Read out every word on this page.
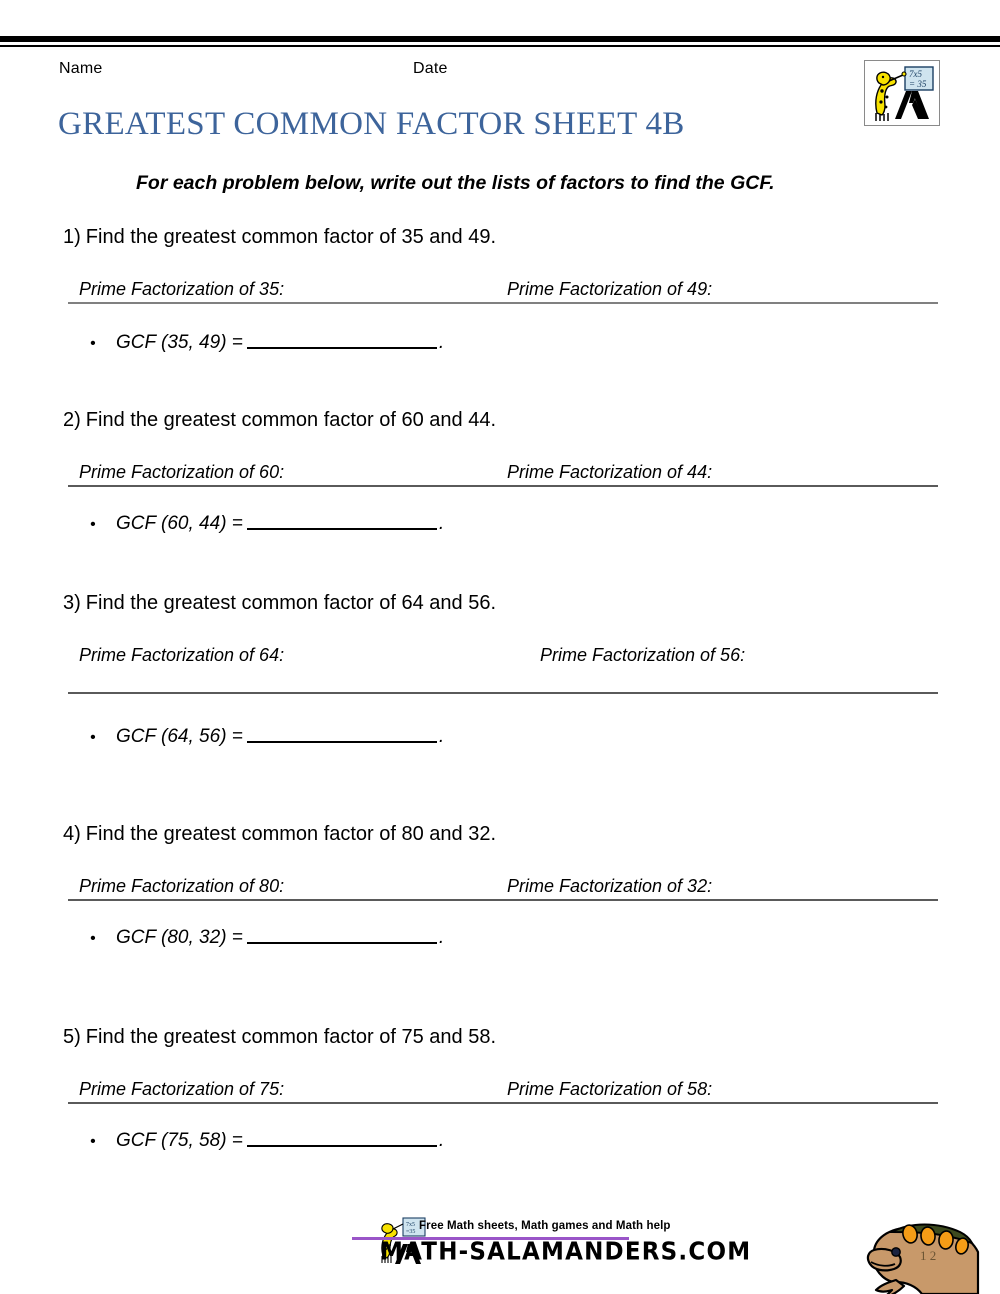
Name	Date
GREATEST COMMON FACTOR SHEET 4B
7x5
= 35
For each problem below, write out the lists of factors to find the GCF.
1) Find the greatest common factor of 35 and 49.
Prime Factorization of 35:	Prime Factorization of 49:
•GCF (35, 49) =	.
2) Find the greatest common factor of 60 and 44.
Prime Factorization of 60:	Prime Factorization of 44:
•GCF (60, 44) =	.
3) Find the greatest common factor of 64 and 56.
Prime Factorization of 64:	Prime Factorization of 56:
•GCF (64, 56) =	.
4) Find the greatest common factor of 80 and 32.
Prime Factorization of 80:	Prime Factorization of 32:
•GCF (80, 32) =	.
5) Find the greatest common factor of 75 and 58.
Prime Factorization of 75:	Prime Factorization of 58:
•GCF (75, 58) =	.
7x5
=35 Free Math sheets, Math games and Math help
MATH-SALAMANDERS.COM	1 2
